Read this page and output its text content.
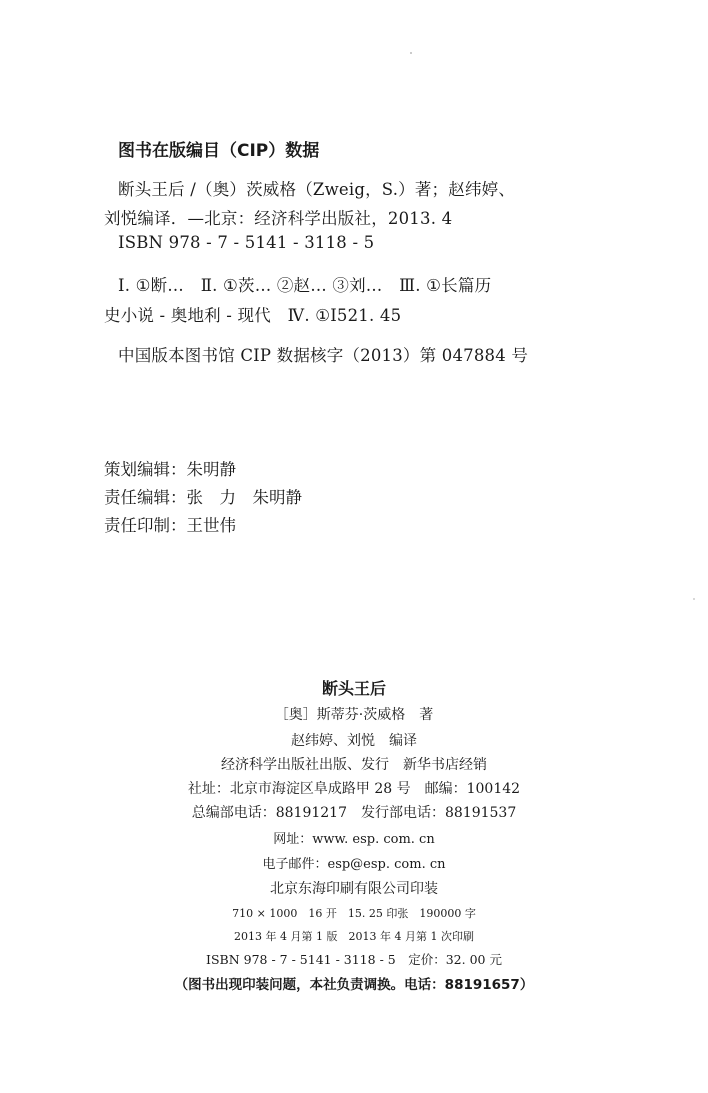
图书在版编目（CIP）数据
断头王后 /（奥）茨威格（Zweig，S.）著；赵纬婷、
刘悦编译．—北京：经济科学出版社，2013. 4
ISBN 978 - 7 - 5141 - 3118 - 5
Ⅰ. ①断…　Ⅱ. ①茨… ②赵… ③刘…　Ⅲ. ①长篇历
史小说 - 奥地利 - 现代　Ⅳ. ①I521. 45
中国版本图书馆 CIP 数据核字（2013）第 047884 号
策划编辑：朱明静
责任编辑：张　力　朱明静
责任印制：王世伟
断头王后
［奥］斯蒂芬·茨威格　著
赵纬婷、刘悦　编译
经济科学出版社出版、发行　新华书店经销
社址：北京市海淀区阜成路甲 28 号　邮编：100142
总编部电话：88191217　发行部电话：88191537
网址：www. esp. com. cn
电子邮件：esp@esp. com. cn
北京东海印刷有限公司印装
710 × 1000　16 开　15. 25 印张　190000 字
2013 年 4 月第 1 版　2013 年 4 月第 1 次印刷
ISBN 978 - 7 - 5141 - 3118 - 5　定价：32. 00 元
（图书出现印装问题，本社负责调换。电话：88191657）
